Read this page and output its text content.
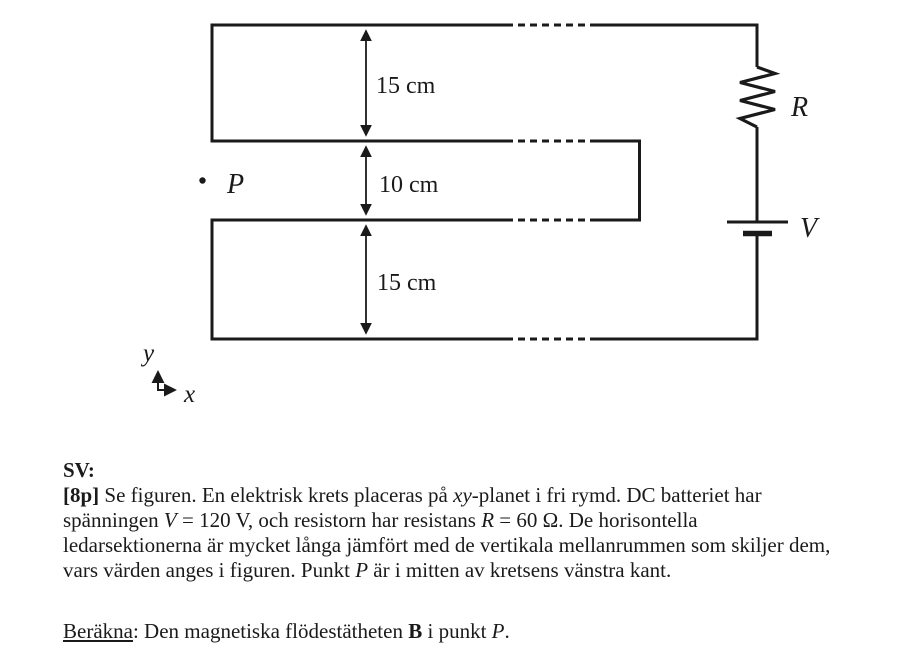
R
V
15 cm
10 cm
15 cm
P
y
x
SV:
[8p] Se figuren. En elektrisk krets placeras på xy-planet i fri rymd. DC batteriet har
spänningen V = 120 V, och resistorn har resistans R = 60 Ω. De horisontella
ledarsektionerna är mycket långa jämfört med de vertikala mellanrummen som skiljer dem,
vars värden anges i figuren. Punkt P är i mitten av kretsens vänstra kant.
Beräkna: Den magnetiska flödestätheten B i punkt P.
